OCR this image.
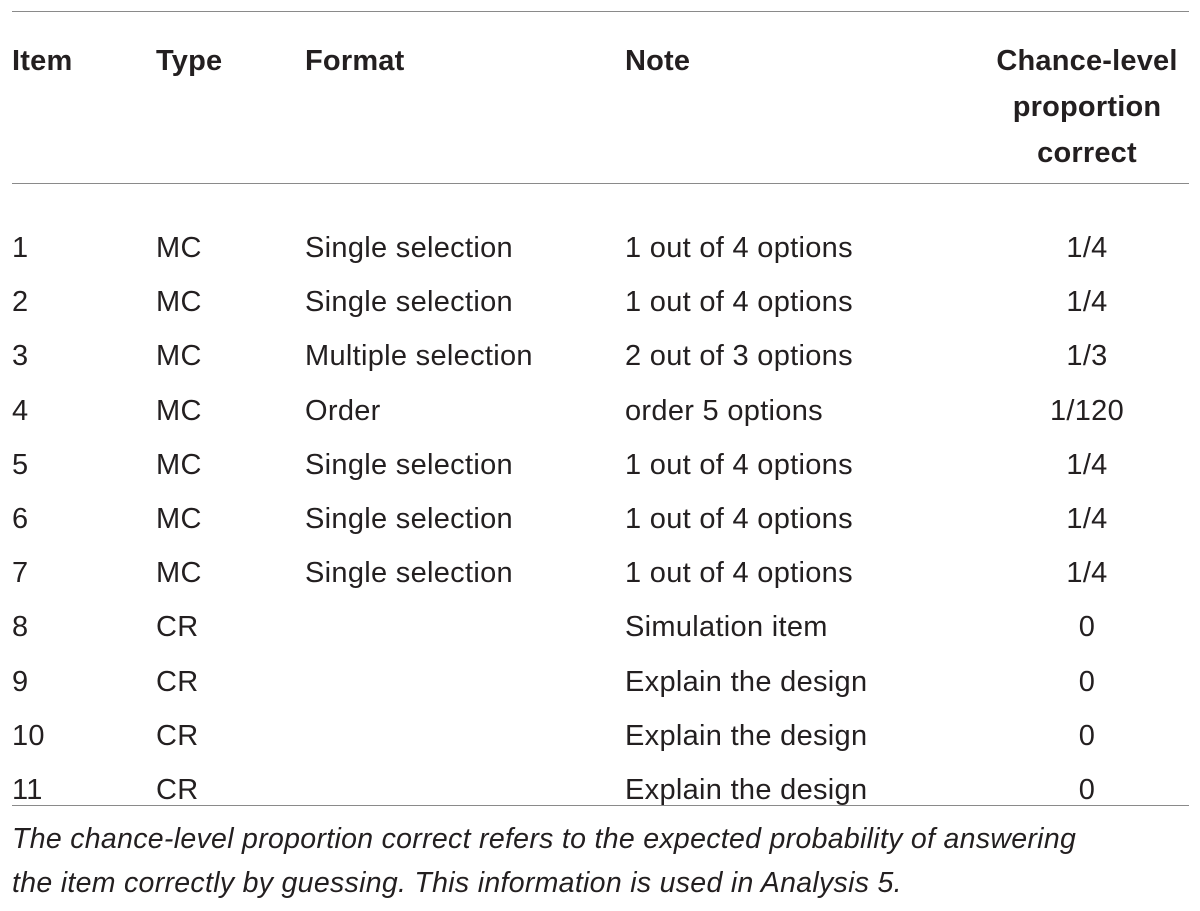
Item	Type	Format	Note	Chance-level
proportion
correct
1	MC	Single selection	1 out of 4 options	1/4
2	MC	Single selection	1 out of 4 options	1/4
3	MC	Multiple selection	2 out of 3 options	1/3
4	MC	Order	order 5 options	1/120
5	MC	Single selection	1 out of 4 options	1/4
6	MC	Single selection	1 out of 4 options	1/4
7	MC	Single selection	1 out of 4 options	1/4
8	CR		Simulation item	0
9	CR		Explain the design	0
10	CR		Explain the design	0
11	CR		Explain the design	0
The chance-level proportion correct refers to the expected probability of answering
the item correctly by guessing. This information is used in Analysis 5.
